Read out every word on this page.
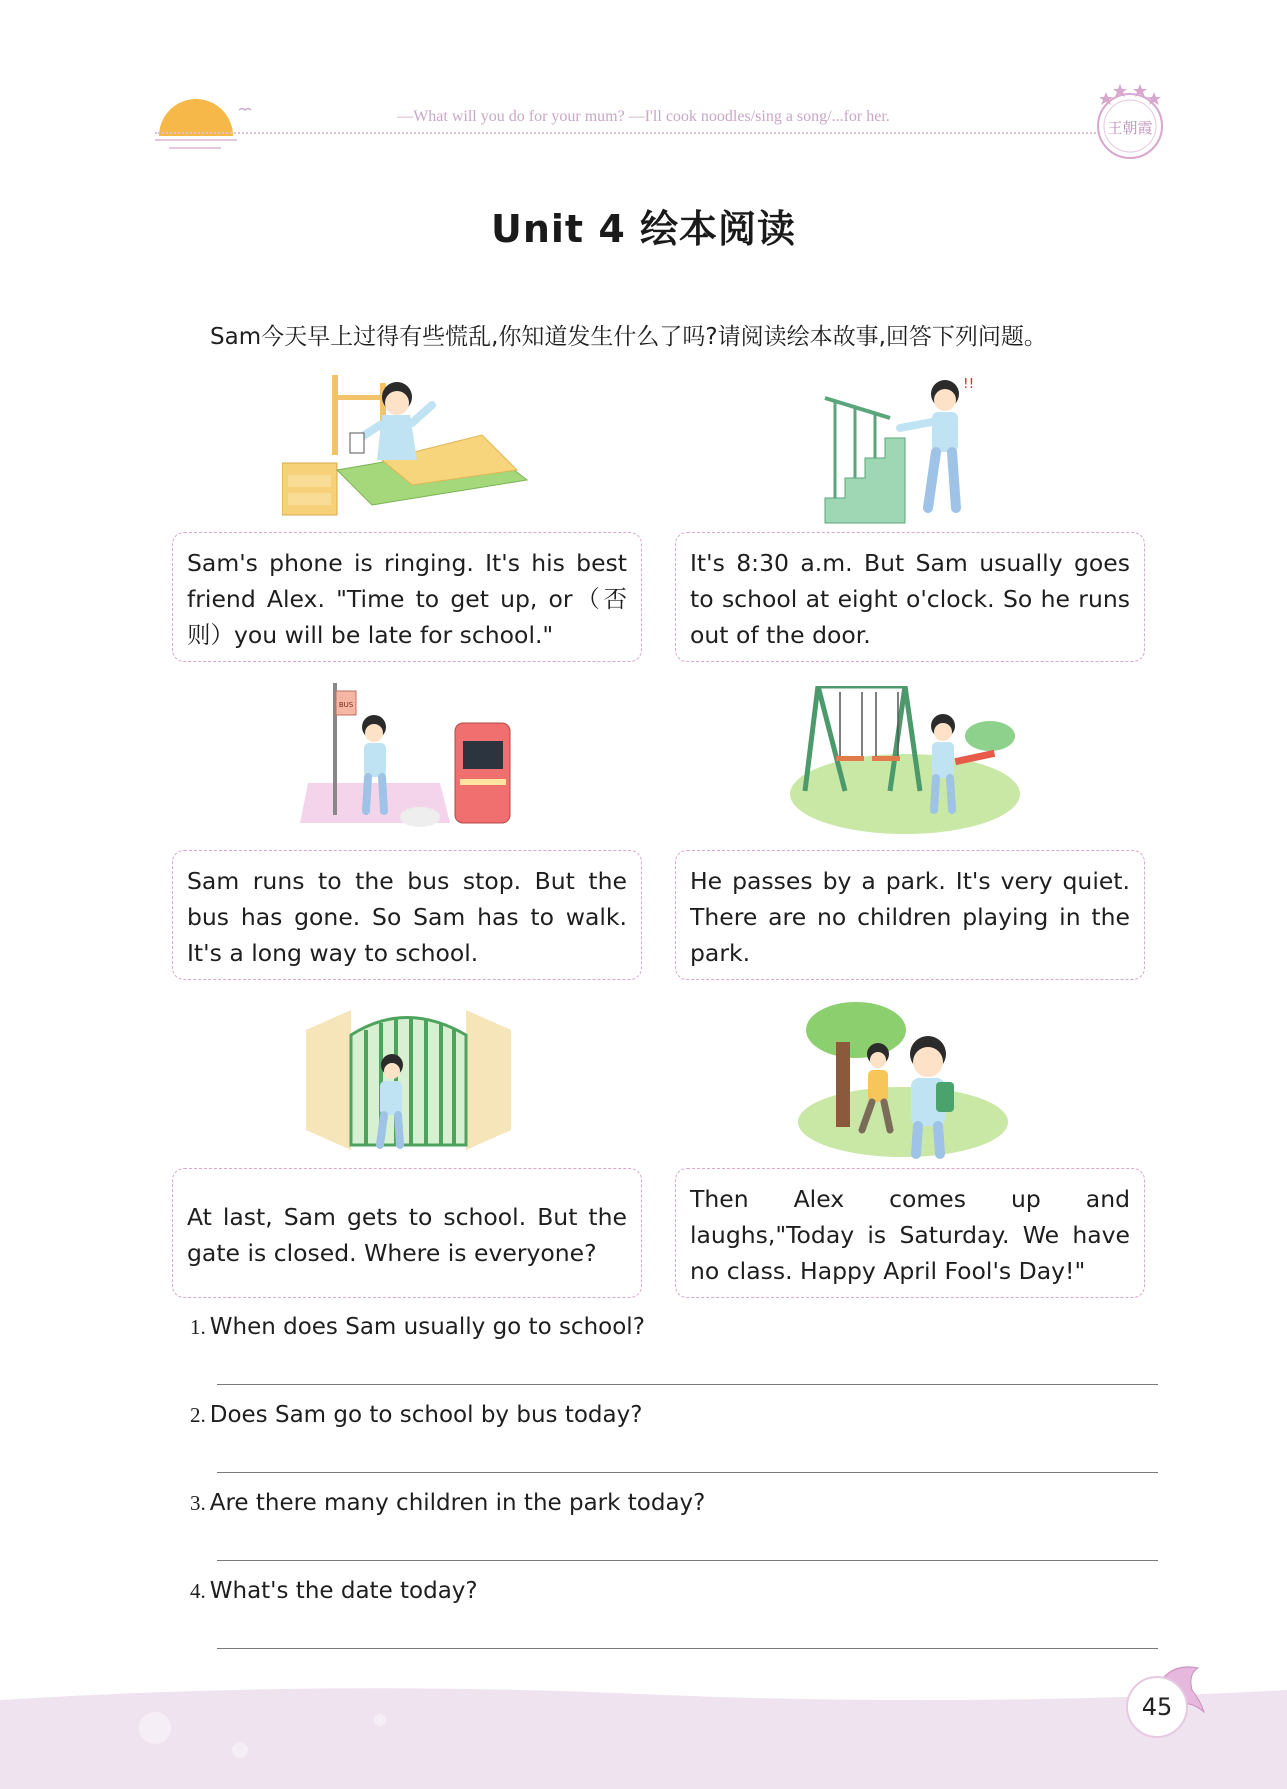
—What will you do for your mum? —I'll cook noodles/sing a song/...for her.
王朝霞
Unit 4 绘本阅读
Sam今天早上过得有些慌乱,你知道发生什么了吗?请阅读绘本故事,回答下列问题。
!!
BUS
Sam's phone is ringing. It's his best friend Alex. "Time to get up, or（否则）you will be late for school."
It's 8:30 a.m. But Sam usually goes to school at eight o'clock. So he runs out of the door.
Sam runs to the bus stop. But the bus has gone. So Sam has to walk. It's a long way to school.
He passes by a park. It's very quiet. There are no children playing in the park.
At last, Sam gets to school. But the gate is closed. Where is everyone?
Then Alex comes up and laughs,"Today is Saturday. We have no class. Happy April Fool's Day!"
1. When does Sam usually go to school?
2. Does Sam go to school by bus today?
3. Are there many children in the park today?
4. What's the date today?
45
